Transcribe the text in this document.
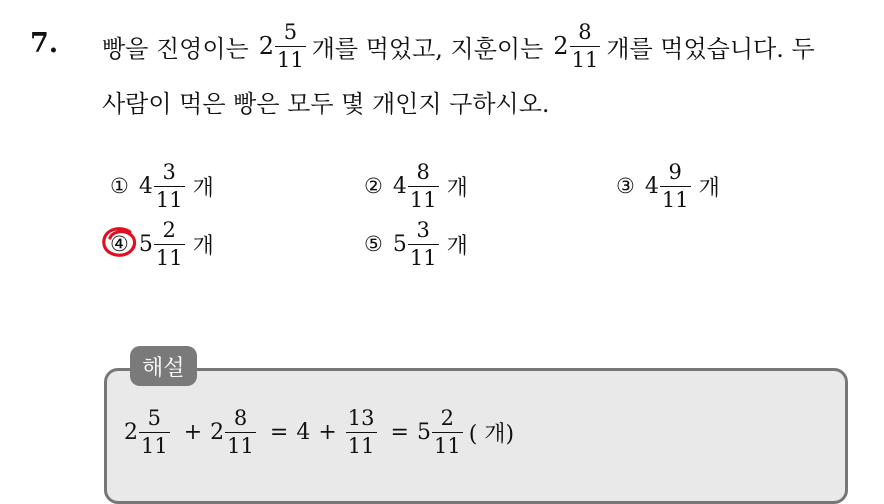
7. 빵을 진영이는 $2 \frac{5}{11}$ 개를 먹었고, 지훈이는 $2 \frac{8}{11}$ 개를 먹었습니다. 두
사람이 먹은 빵은 모두 몇 개인지 구하시오.
① $4 \frac{3}{11}$ 개	② $4 \frac{8}{11}$ 개	③ $4 \frac{9}{11}$ 개
④ $5 \frac{2}{11}$ 개	⑤ $5 \frac{3}{11}$ 개
해설
$2 \frac{5}{11} + 2 \frac{8}{11} = 4 + \frac{13}{11} = 5 \frac{2}{11}$ ( 개)
